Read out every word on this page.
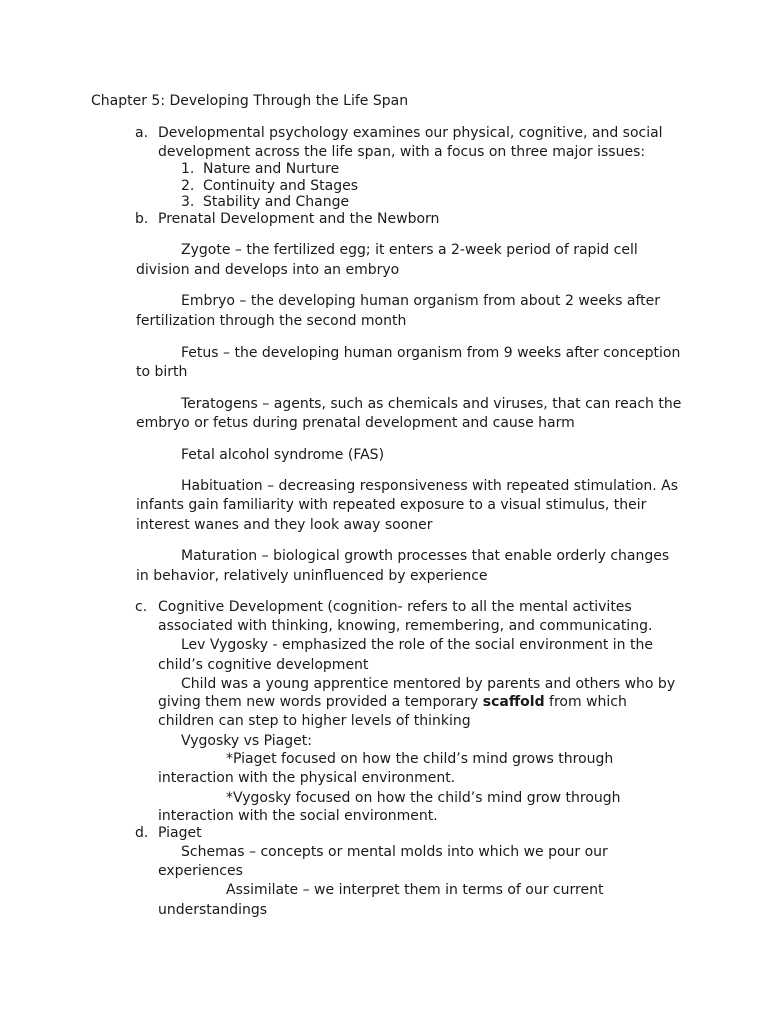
Chapter 5: Developing Through the Life Span
a. Developmental psychology examines our physical, cognitive, and social
development across the life span, with a focus on three major issues:
1. Nature and Nurture
2. Continuity and Stages
3. Stability and Change
b. Prenatal Development and the Newborn
Zygote – the fertilized egg; it enters a 2-week period of rapid cell
division and develops into an embryo
Embryo – the developing human organism from about 2 weeks after
fertilization through the second month
Fetus – the developing human organism from 9 weeks after conception
to birth
Teratogens – agents, such as chemicals and viruses, that can reach the
embryo or fetus during prenatal development and cause harm
Fetal alcohol syndrome (FAS)
Habituation – decreasing responsiveness with repeated stimulation. As
infants gain familiarity with repeated exposure to a visual stimulus, their
interest wanes and they look away sooner
Maturation – biological growth processes that enable orderly changes
in behavior, relatively uninfluenced by experience
c. Cognitive Development (cognition- refers to all the mental activites
associated with thinking, knowing, remembering, and communicating.
Lev Vygosky - emphasized the role of the social environment in the
child’s cognitive development
Child was a young apprentice mentored by parents and others who by
giving them new words provided a temporary scaffold from which
children can step to higher levels of thinking
Vygosky vs Piaget:
*Piaget focused on how the child’s mind grows through
interaction with the physical environment.
*Vygosky focused on how the child’s mind grow through
interaction with the social environment.
d. Piaget
Schemas – concepts or mental molds into which we pour our
experiences
Assimilate – we interpret them in terms of our current
understandings
